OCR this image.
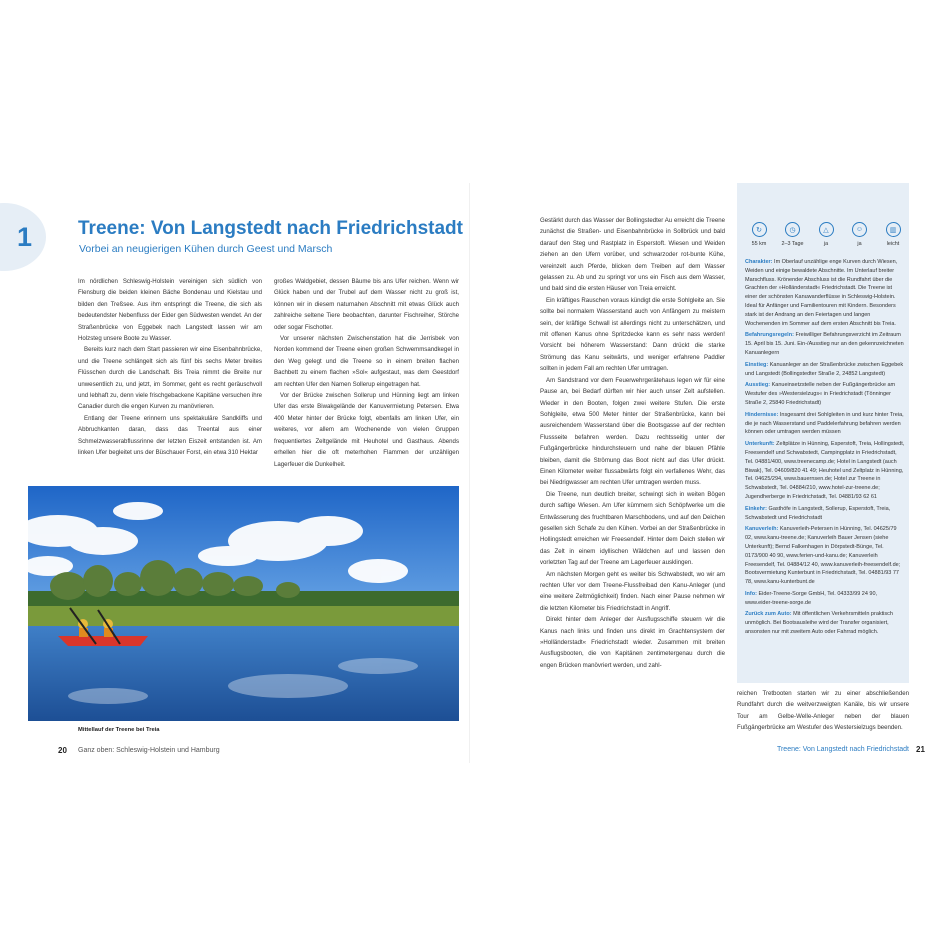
1 Treene: Von Langstedt nach Friedrichstadt
Vorbei an neugierigen Kühen durch Geest und Marsch

Im nördlichen Schleswig-Holstein vereinigen sich südlich von Flensburg die beiden kleinen Bäche Bondenau und Kielstau und bilden den Treßsee. Aus ihm entspringt die Treene, die sich als bedeutendster Nebenfluss der Eider gen Südwesten wendet. An der Straßenbrücke von Eggebek nach Langstedt lassen wir am Holzsteg unsere Boote zu Wasser.

Bereits kurz nach dem Start passieren wir eine Eisenbahnbrücke, und die Treene schlängelt sich als fünf bis sechs Meter breites Flüsschen durch die Landschaft. Bis Treia nimmt die Breite nur unwesentlich zu, und jetzt, im Sommer, geht es recht geräuschvoll und lebhaft zu, denn viele frischgebackene Kapitäne versuchen ihre Canadier durch die engen Kurven zu manövrieren.

Entlang der Treene erinnern uns spektakuläre Sandkliffs und Abbruchkanten daran, dass das Treental aus einer Schmelzwasserabflussrinne der letzten Eiszeit entstanden ist. Am linken Ufer begleitet uns der Büschauer Forst, ein etwa 310 Hektar

großes Waldgebiet, dessen Bäume bis ans Ufer reichen. Wenn wir Glück haben und der Trubel auf dem Wasser nicht zu groß ist, können wir in diesem naturnahen Abschnitt mit etwas Glück auch zahlreiche seltene Tiere beobachten, darunter Fischreiher, Störche oder sogar Fischotter.

Vor unserer nächsten Zwischenstation hat die Jerrisbek von Norden kommend der Treene einen großen Schwemmsandkegel in den Weg gelegt und die Treene so in einem breiten flachen Bachbett zu einem flachen »Sol« aufgestaut, was dem Geestdorf am rechten Ufer den Namen Sollerup eingetragen hat.

Vor der Brücke zwischen Sollerup und Hünning liegt am linken Ufer das erste Biwakgelände der Kanuvermietung Petersen. Etwa 400 Meter hinter der Brücke folgt, ebenfalls am linken Ufer, ein weiteres, vor allem am Wochenende von vielen Gruppen frequentiertes Zeltgelände mit Heuhotel und Gasthaus. Abends erhellen hier die oft meterhohen Flammen der unzähligen Lagerfeuer die Dunkelheit.

Mittellauf der Treene bei Treia
20 Ganz oben: Schleswig-Holstein und Hamburg

Gestärkt durch das Wasser der Bollingstedter Au erreicht die Treene zunächst die Straßen- und Eisenbahnbrücke in Sollbrück und bald darauf den Steg und Rastplatz in Esperstoft. Wiesen und Weiden ziehen an den Ufern vorüber, und schwarzoder rot-bunte Kühe, vereinzelt auch Pferde, blicken dem Treiben auf dem Wasser gelassen zu. Ab und zu springt vor uns ein Fisch aus dem Wasser, und bald sind die ersten Häuser von Treia erreicht.

Ein kräftiges Rauschen voraus kündigt die erste Sohlgleite an. Sie sollte bei normalem Wasserstand auch von Anfängern zu meistern sein, der kräftige Schwall ist allerdings nicht zu unterschätzen, und mit offenen Kanus ohne Spritzdecke kann es sehr nass werden! Vorsicht bei höherem Wasserstand: Dann drückt die starke Strömung das Kanu seitwärts, und weniger erfahrene Paddler sollten in jedem Fall am rechten Ufer umtragen.

Am Sandstrand vor dem Feuerwehrgerätehaus legen wir für eine Pause an, bei Bedarf dürften wir hier auch unser Zelt aufstellen. Wieder in den Booten, folgen zwei weitere Stufen. Die erste Sohlgleite, etwa 500 Meter hinter der Straßenbrücke, kann bei ausreichendem Wasserstand über die Bootsgasse auf der rechten Flussseite befahren werden. Dazu rechtsseitig unter der Fußgängerbrücke hindurchsteuern und nahe der blauen Pfähle bleiben, damit die Strömung das Boot nicht auf das Ufer drückt. Einen Kilometer weiter flussabwärts folgt ein verfallenes Wehr, das bei Niedrigwasser am rechten Ufer umtragen werden muss.

Die Treene, nun deutlich breiter, schwingt sich in weiten Bögen durch saftige Wiesen. Am Ufer kümmern sich Schöpfwerke um die Entwässerung des fruchtbaren Marschbodens, und auf den Deichen gesellen sich Schafe zu den Kühen. Vorbei an der Straßenbrücke in Hollingstedt erreichen wir Freesendelf. Hinter dem Deich stellen wir das Zelt in einem idyllischen Wäldchen auf und lassen den vorletzten Tag auf der Treene am Lagerfeuer ausklingen.

Am nächsten Morgen geht es weiter bis Schwabstedt, wo wir am rechten Ufer vor dem Treene-Flussfreibad den Kanu-Anleger (und eine weitere Zeltmöglichkeit) finden. Nach einer Pause nehmen wir die letzten Kilometer bis Friedrichstadt in Angriff.

Direkt hinter dem Anleger der Ausflugsschiffe steuern wir die Kanus nach links und finden uns direkt im Grachtensystem der »Holländerstadt« Friedrichstadt wieder. Zusammen mit breiten Ausflugsbooten, die von Kapitänen zentimetergenau durch die engen Brücken manövriert werden, und zahl-

reichen Tretbooten starten wir zu einer abschließenden Rundfahrt durch die weitverzweigten Kanäle, bis wir unsere Tour am Gelbe-Welle-Anleger neben der blauen Fußgängerbrücke am Westufer des Westersielzugs beenden.

↻
55 km
◷
2–3 Tage
△
ja
☺
ja
▥
leicht

Charakter: Im Oberlauf unzählige enge Kurven durch Wiesen, Weiden und einige bewaldete Abschnitte. Im Unterlauf breiter Marschfluss. Krönender Abschluss ist die Rundfahrt über die Grachten der »Holländerstadt« Friedrichstadt. Die Treene ist einer der schönsten Kanuwanderflüsse in Schleswig-Holstein. Ideal für Anfänger und Familientouren mit Kindern. Besonders stark ist der Andrang an den Feiertagen und langen Wochenenden im Sommer auf dem ersten Abschnitt bis Treia.

Befahrungsregeln: Freiwilliger Befahrungsverzicht im Zeitraum 15. April bis 15. Juni. Ein-/Ausstieg nur an den gekennzeichneten Kanuanlegern

Einstieg: Kanuanleger an der Straßenbrücke zwischen Eggebek und Langstedt (Bollingstedter Straße 2, 24852 Langstedt)

Ausstieg: Kanueinsetzstelle neben der Fußgängerbrücke am Westufer des »Westersielzugs« in Friedrichstadt (Tönninger Straße 2, 25840 Friedrichstadt)

Hindernisse: Insgesamt drei Sohlgleiten in und kurz hinter Treia, die je nach Wasserstand und Paddelerfahrung befahren werden können oder umtragen werden müssen

Unterkunft: Zeltplätze in Hünning, Esperstoft, Treia, Hollingstedt, Freesendelf und Schwabstedt, Campingplatz in Friedrichstadt, Tel. 04881/400, www.treenecamp.de; Hotel in Langstedt (auch Biwak), Tel. 04609/820 41 49; Heuhotel und Zeltplatz in Hünning, Tel. 04625/294, www.bauernsen.de; Hotel zur Treene in Schwabstedt, Tel. 04884/210, www.hotel-zur-treene.de; Jugendherberge in Friedrichstadt, Tel. 04881/93 62 61

Einkehr: Gasthöfe in Langstedt, Sollerup, Esperstoft, Treia, Schwabstedt und Friedrichstadt

Kanuverleih: Kanuverleih-Petersen in Hünning, Tel. 04625/79 02, www.kanu-treene.de; Kanuverleih Bauer Jensen (siehe Unterkunft); Bernd Falkenhagen in Dörpstedt-Bünge, Tel. 0173/900 40 90, www.ferien-und-kanu.de; Kanuverleih Freesendelf, Tel. 04884/12 40, www.kanuverleih-freesendelf.de; Bootsvermietung Kunterbunt in Friedrichstadt, Tel. 04881/93 77 78, www.kanu-kunterbunt.de

Info: Eider-Treene-Sorge GmbH, Tel. 04333/99 24 90, www.eider-treene-sorge.de

Zurück zum Auto: Mit öffentlichen Verkehrsmitteln praktisch unmöglich. Bei Bootsausleihe wird der Transfer organisiert, ansonsten nur mit zweitem Auto oder Fahrrad möglich.

Treene: Von Langstedt nach Friedrichstadt 21
